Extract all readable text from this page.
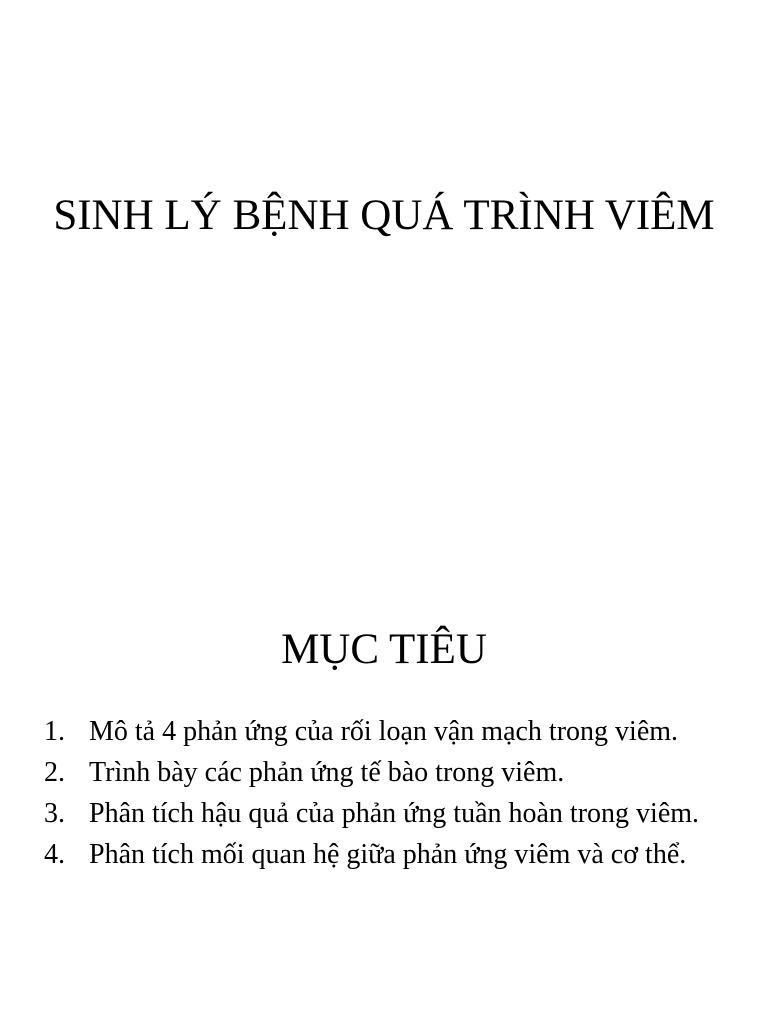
SINH LÝ BỆNH QUÁ TRÌNH VIÊM
MỤC TIÊU
1. Mô tả 4 phản ứng của rối loạn vận mạch trong viêm.
2. Trình bày các phản ứng tế bào trong viêm.
3. Phân tích hậu quả của phản ứng tuần hoàn trong viêm.
4. Phân tích mối quan hệ giữa phản ứng viêm và cơ thể.
